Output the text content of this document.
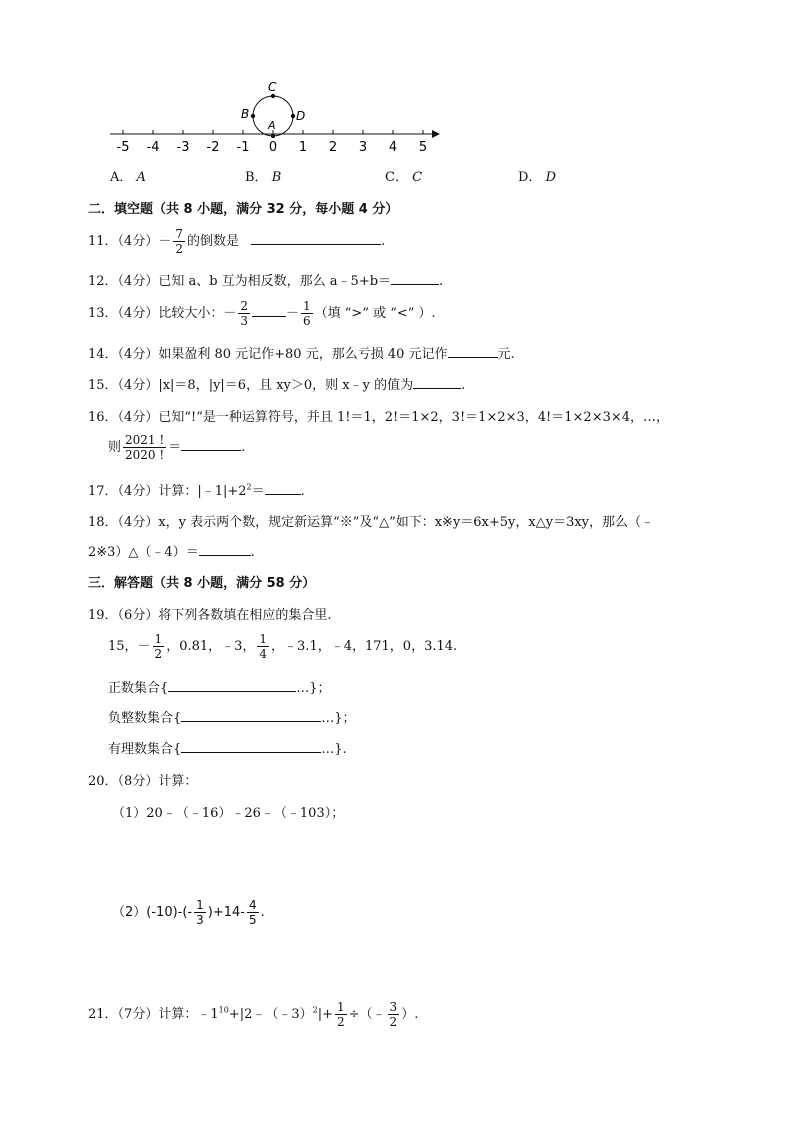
-5 -4 -3 -2 -1 0 1 2 3 4 5
C
B	D
A
A． A	B． B	C． C	D． D
二．填空题（共 8 小题，满分 32 分，每小题 4 分）
11．（4分）－ $\frac{7}{2}$ 的倒数是	.
12．（4分）已知 a、b 互为相反数，那么 a﹣5+b＝	.
13．（4分）比较大小：－ $\frac{2}{3}$	－ $\frac{1}{6}$ （填 “>” 或 “<” ）.
14．（4分）如果盈利 80 元记作+80 元，那么亏损 40 元记作	元.
15．（4分）|x|＝8，|y|＝6，且 xy＞0，则 x﹣y 的值为	.
16．（4分）已知“!”是一种运算符号，并且 1!＝1，2!＝1×2，3!＝1×2×3，4!＝1×2×3×4，…，
则 $\frac{2021 !}{2020 !}$ ＝	.
17．（4分）计算：$|﹣1|+2^2=$	.
18．（4分）x，y 表示两个数，规定新运算“※”及“△”如下：x※y＝6x+5y，x△y＝3xy，那么（﹣
2※3）△（﹣4）＝	.
三．解答题（共 8 小题，满分 58 分）
19．（6分）将下列各数填在相应的集合里.
15，－ $\frac{1}{2}$ ，0.81，﹣3， $\frac{1}{4}$ ，﹣3.1，﹣4，171，0，3.14.
正数集合{	…}；
负整数集合{	…}；
有理数集合{	…}.
20．（8分）计算：
（1）20﹣（﹣16）﹣26﹣（﹣103）；
$(2)(-10)-(- \frac{1}{3} )+14- \frac{4}{5}$ .
21．（7分）计算：$﹣1^{10}+|2﹣(﹣3)^2|+ \frac{1}{2}$ ÷（﹣ $\frac{3}{2}$ ）.
